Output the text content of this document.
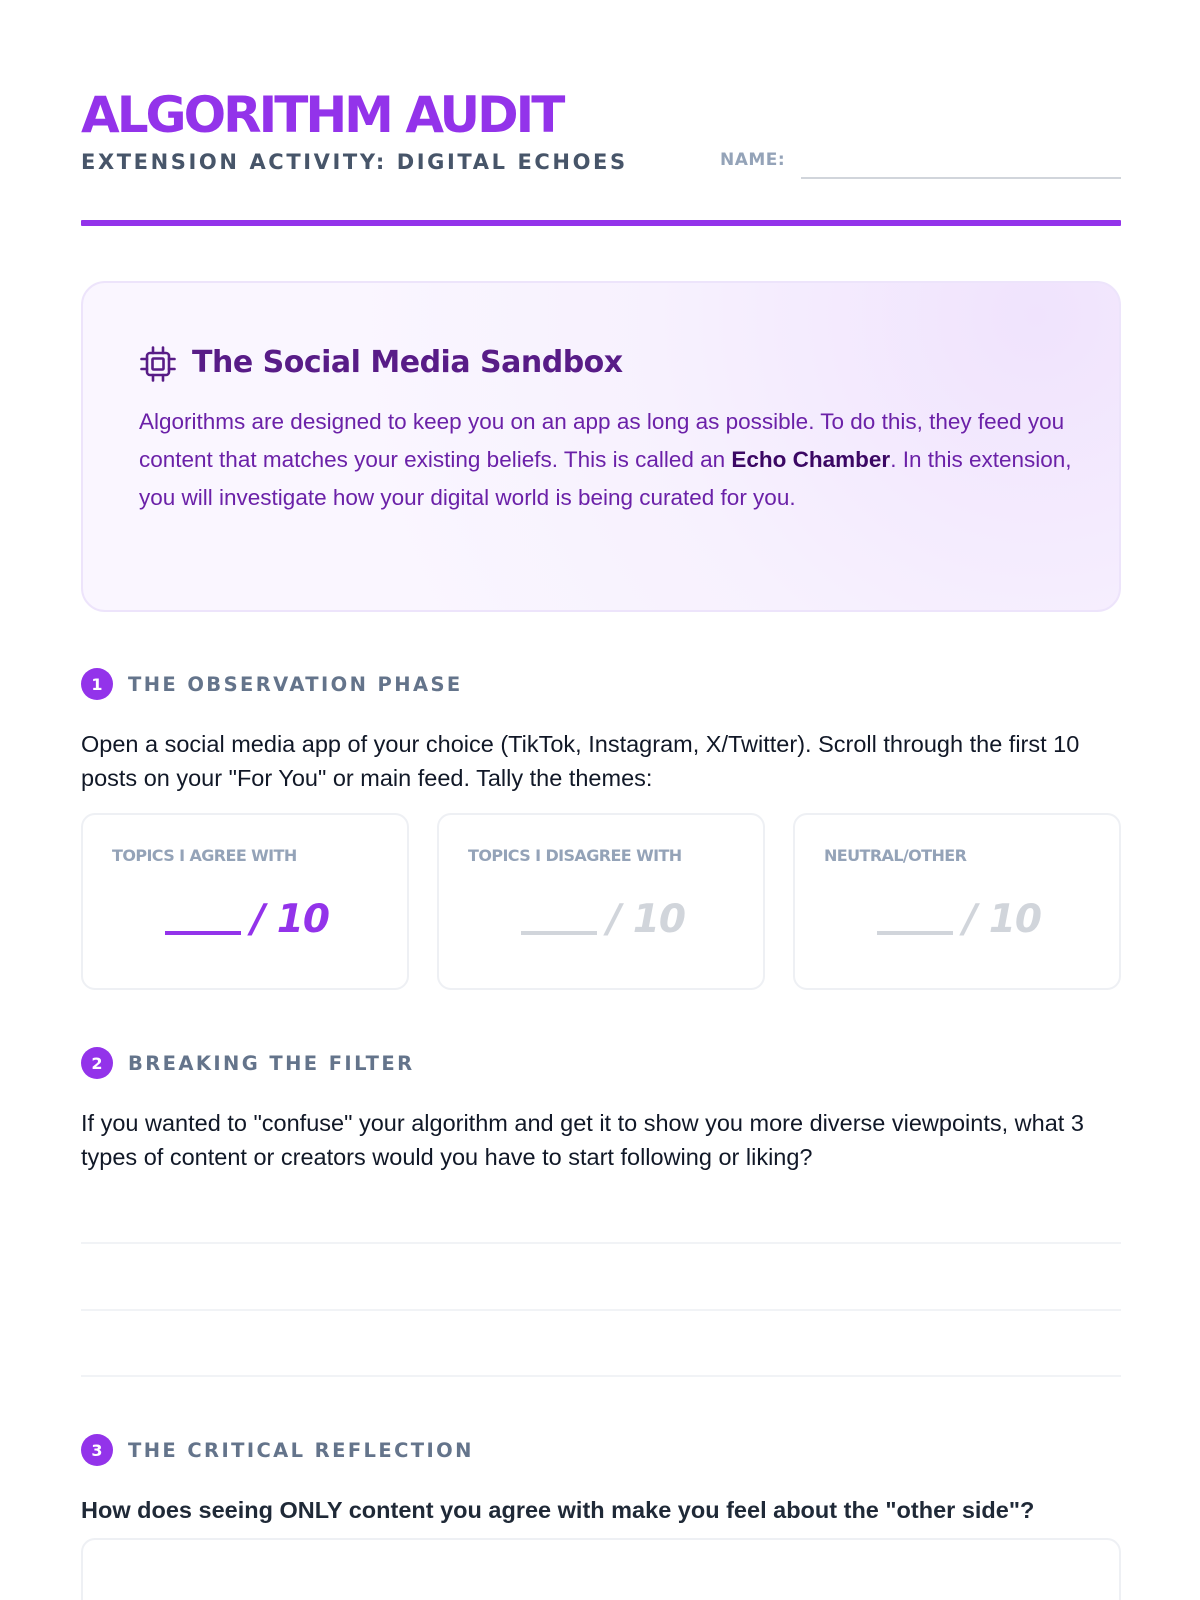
ALGORITHM AUDIT
EXTENSION ACTIVITY: DIGITAL ECHOES	NAME:
The Social Media Sandbox

Algorithms are designed to keep you on an app as long as possible. To do this, they feed you content that matches your existing beliefs. This is called an Echo Chamber. In this extension, you will investigate how your digital world is being curated for you.

1	THE OBSERVATION PHASE

Open a social media app of your choice (TikTok, Instagram, X/Twitter). Scroll through the first 10 posts on your "For You" or main feed. Tally the themes:

TOPICS I AGREE WITH
/ 10
TOPICS I DISAGREE WITH
/ 10
NEUTRAL/OTHER
/ 10
2	BREAKING THE FILTER

If you wanted to "confuse" your algorithm and get it to show you more diverse viewpoints, what 3 types of content or creators would you have to start following or liking?

3	THE CRITICAL REFLECTION

How does seeing ONLY content you agree with make you feel about the "other side"?
